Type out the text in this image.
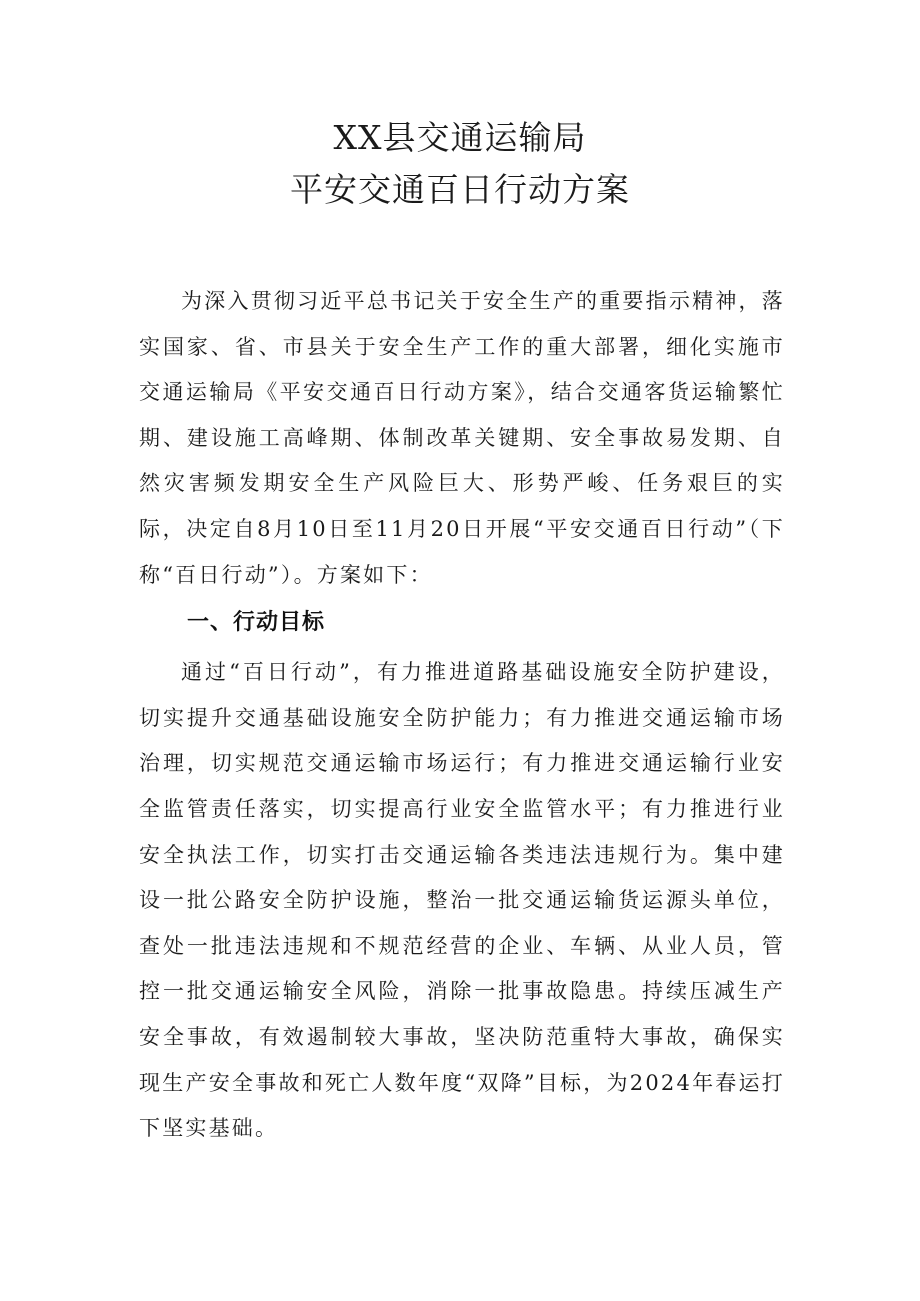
XX县交通运输局
平安交通百日行动方案

为深入贯彻习近平总书记关于安全生产的重要指示精神，落实国家、省、市县关于安全生产工作的重大部署，细化实施市交通运输局《平安交通百日行动方案》，结合交通客货运输繁忙期、建设施工高峰期、体制改革关键期、安全事故易发期、自然灾害频发期安全生产风险巨大、形势严峻、任务艰巨的实际，决定自8月10日至11月20日开展“平安交通百日行动”（下称“百日行动”）。方案如下：

一、行动目标

通过“百日行动”，有力推进道路基础设施安全防护建设，切实提升交通基础设施安全防护能力；有力推进交通运输市场治理，切实规范交通运输市场运行；有力推进交通运输行业安全监管责任落实，切实提高行业安全监管水平；有力推进行业安全执法工作，切实打击交通运输各类违法违规行为。集中建设一批公路安全防护设施，整治一批交通运输货运源头单位，查处一批违法违规和不规范经营的企业、车辆、从业人员，管控一批交通运输安全风险，消除一批事故隐患。持续压减生产安全事故，有效遏制较大事故，坚决防范重特大事故，确保实现生产安全事故和死亡人数年度“双降”目标，为2024年春运打下坚实基础。
